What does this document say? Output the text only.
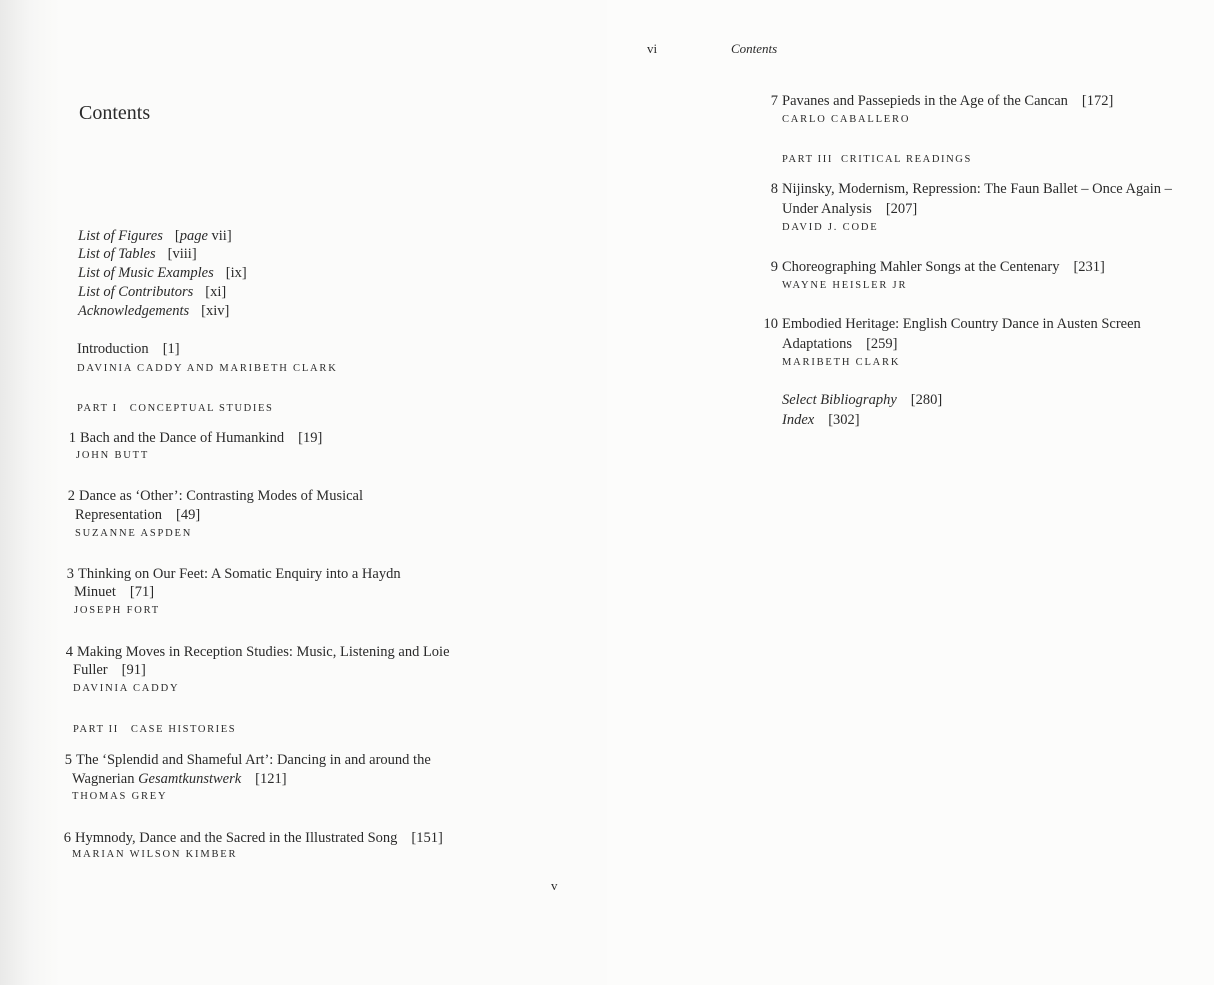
Contents
List of Figures [page vii]
List of Tables [viii]
List of Music Examples [ix]
List of Contributors [xi]
Acknowledgements [xiv]
Introduction [1]
DAVINIA CADDY AND MARIBETH CLARK
PART I CONCEPTUAL STUDIES
1 Bach and the Dance of Humankind [19]
JOHN BUTT
2 Dance as ‘Other’: Contrasting Modes of Musical
Representation [49]
SUZANNE ASPDEN
3 Thinking on Our Feet: A Somatic Enquiry into a Haydn
Minuet [71]
JOSEPH FORT
4 Making Moves in Reception Studies: Music, Listening and Loie
Fuller [91]
DAVINIA CADDY
PART II CASE HISTORIES
5 The ‘Splendid and Shameful Art’: Dancing in and around the
Wagnerian Gesamtkunstwerk [121]
THOMAS GREY
6 Hymnody, Dance and the Sacred in the Illustrated Song [151]
MARIAN WILSON KIMBER
v
vi	Contents
7 Pavanes and Passepieds in the Age of the Cancan [172]
CARLO CABALLERO
PART III CRITICAL READINGS
8 Nijinsky, Modernism, Repression: The Faun Ballet – Once Again –
Under Analysis [207]
DAVID J. CODE
9 Choreographing Mahler Songs at the Centenary [231]
WAYNE HEISLER JR
10 Embodied Heritage: English Country Dance in Austen Screen
Adaptations [259]
MARIBETH CLARK
Select Bibliography [280]
Index [302]
